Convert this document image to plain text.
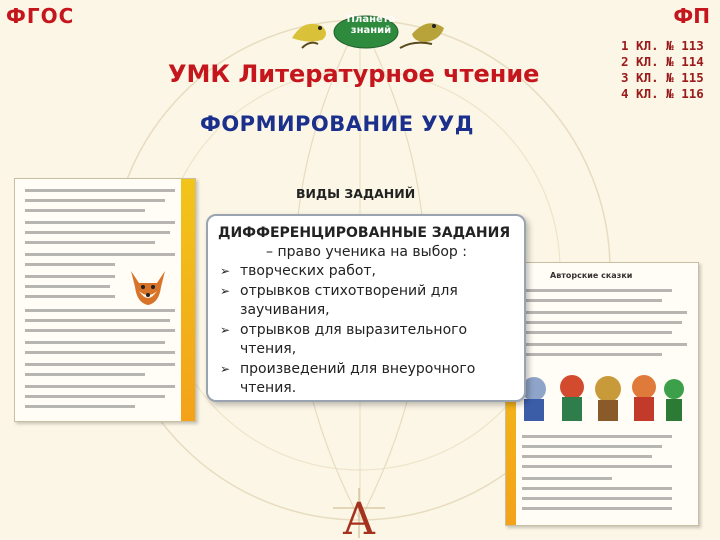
ФГОС	ФП
Планета
знаний
УМК Литературное чтение
1 КЛ. № 113
2 КЛ. № 114
3 КЛ. № 115
4 КЛ. № 116
ФОРМИРОВАНИЕ УУД
ВИДЫ ЗАДАНИЙ
Авторские сказки
ДИФФЕРЕНЦИРОВАННЫЕ ЗАДАНИЯ
– право ученика на выбор :
➢ творческих работ,
➢ отрывков стихотворений для заучивания,
➢ отрывков для выразительного чтения,
➢ произведений для внеурочного чтения.
A
